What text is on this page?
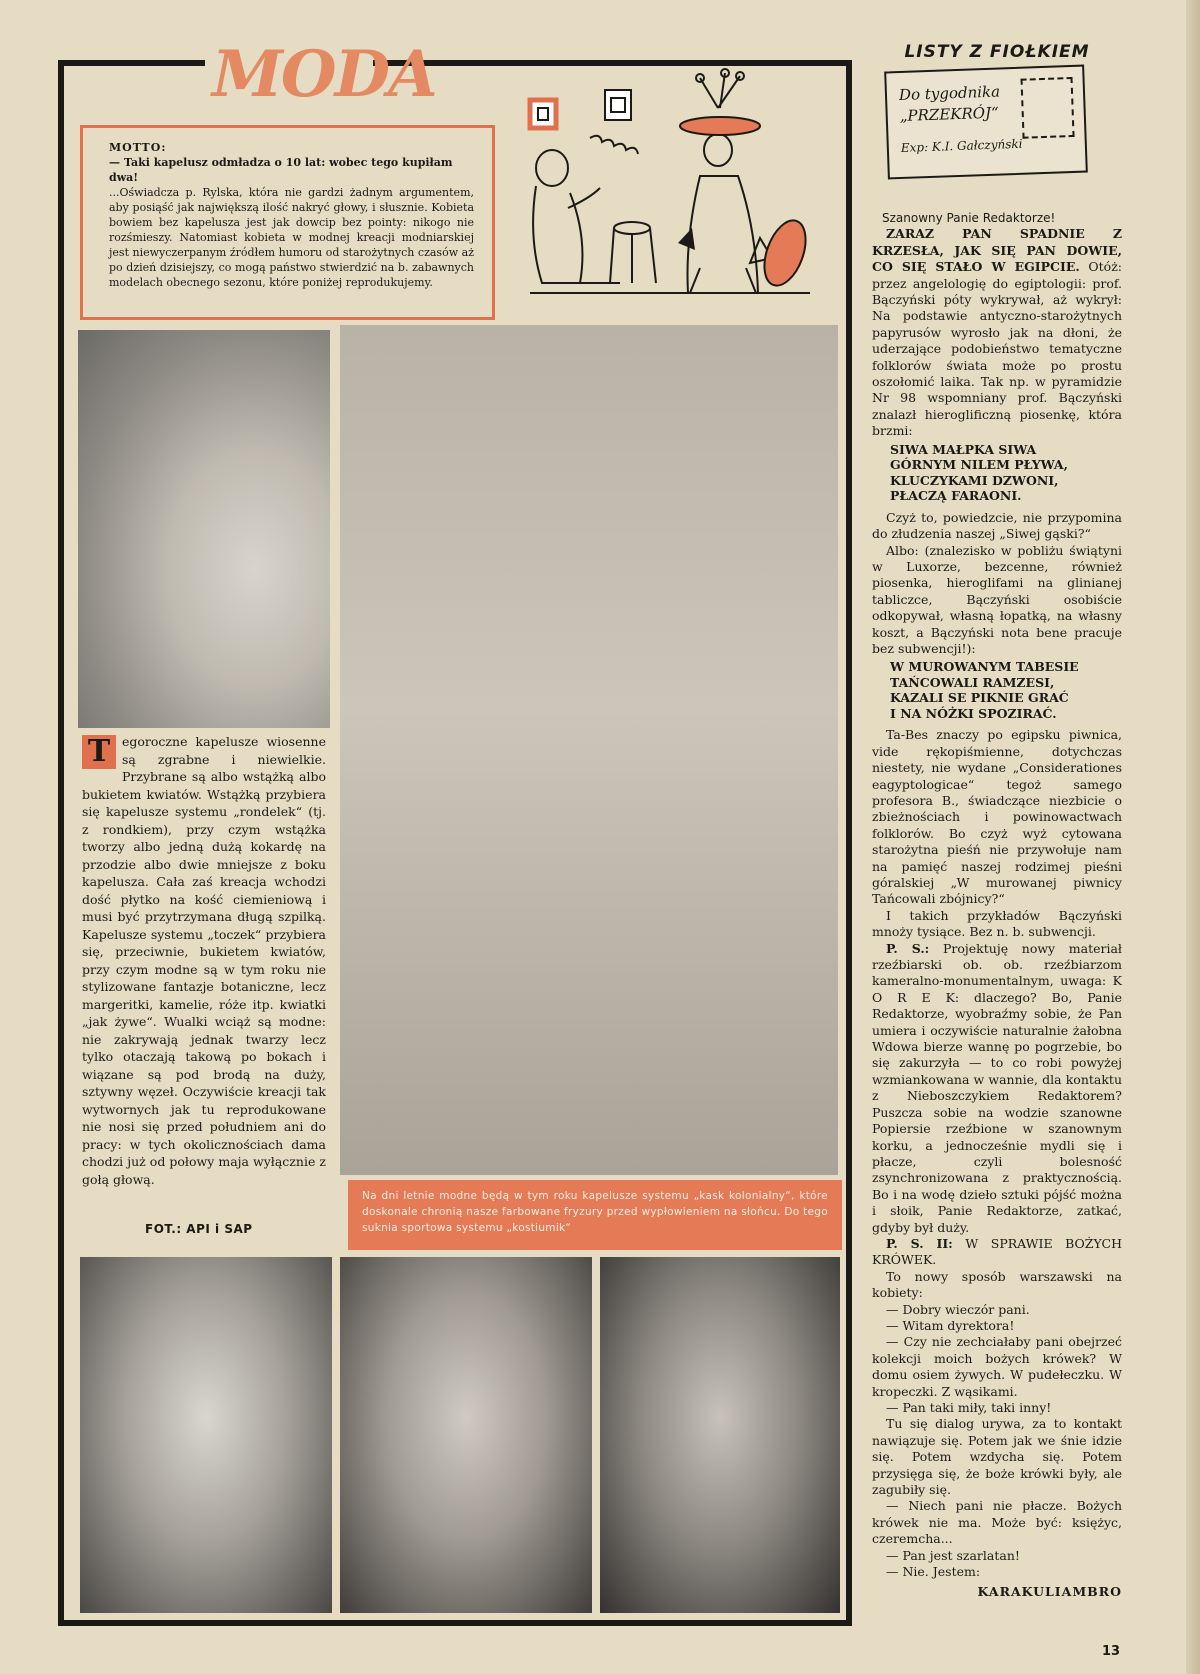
MODA
MOTTO:
— Taki kapelusz odmładza o 10 lat: wobec tego kupiłam dwa!
...Oświadcza p. Rylska, która nie gardzi żadnym argumentem, aby posiąść jak największą ilość nakryć głowy, i słusznie. Kobieta bowiem bez kapelusza jest jak dowcip bez pointy: nikogo nie rozśmieszy. Natomiast kobieta w modnej kreacji modniarskiej jest niewyczerpanym źródłem humoru od starożytnych czasów aż po dzień dzisiejszy, co mogą państwo stwierdzić na b. zabawnych modelach obecnego sezonu, które poniżej reprodukujemy.
Na dni letnie modne będą w tym roku kapelusze systemu „kask kolonialny“, które doskonale chronią nasze farbowane fryzury przed wypłowieniem na słońcu. Do tego suknia sportowa systemu „kostiumik“
T egoroczne kapelusze wiosenne są zgrabne i niewielkie. Przybrane są albo wstążką albo bukietem kwiatów. Wstążką przybiera się kapelusze systemu „rondelek“ (tj. z rondkiem), przy czym wstążka tworzy albo jedną dużą kokardę na przodzie albo dwie mniejsze z boku kapelusza. Cała zaś kreacja wchodzi dość płytko na kość ciemieniową i musi być przytrzymana długą szpilką. Kapelusze systemu „toczek“ przybiera się, przeciwnie, bukietem kwiatów, przy czym modne są w tym roku nie stylizowane fantazje botaniczne, lecz margeritki, kamelie, róże itp. kwiatki „jak żywe“. Wualki wciąż są modne: nie zakrywają jednak twarzy lecz tylko otaczają takową po bokach i wiązane są pod brodą na duży, sztywny węzeł. Oczywiście kreacji tak wytwornych jak tu reprodukowane nie nosi się przed południem ani do pracy: w tych okolicznościach dama chodzi już od połowy maja wyłącznie z gołą głową.
FOT.: API i SAP
LISTY Z FIOŁKIEM
Do tygodnika
„PRZEKRÓJ“
Exp: K.I. Gałczyński

Szanowny Panie Redaktorze!

ZARAZ PAN SPADNIE Z KRZESŁA, JAK SIĘ PAN DOWIE, CO SIĘ STAŁO W EGIPCIE. Otóż: przez angelologię do egiptologii: prof. Bączyński póty wykrywał, aż wykrył: Na podstawie antyczno-starożytnych papyrusów wyrosło jak na dłoni, że uderzające podobieństwo tematyczne folklorów świata może po prostu oszołomić laika. Tak np. w pyramidzie Nr 98 wspomniany prof. Bączyński znalazł hieroglificzną piosenkę, która brzmi:

SIWA MAŁPKA SIWA
GÓRNYM NILEM PŁYWA,
KLUCZYKAMI DZWONI,
PŁACZĄ FARAONI.

Czyż to, powiedzcie, nie przypomina do złudzenia naszej „Siwej gąski?“

Albo: (znalezisko w pobliżu świątyni w Luxorze, bezcenne, również piosenka, hieroglifami na glinianej tabliczce, Bączyński osobiście odkopywał, własną łopatką, na własny koszt, a Bączyński nota bene pracuje bez subwencji!):

W MUROWANYM TABESIE
TAŃCOWALI RAMZESI,
KAZALI SE PIKNIE GRAĆ
I NA NÓŻKI SPOZIRAĆ.

Ta-Bes znaczy po egipsku piwnica, vide rękopiśmienne, dotychczas niestety, nie wydane „Considerationes eagyptologicae“ tegoż samego profesora B., świadczące niezbicie o zbieżnościach i powinowactwach folklorów. Bo czyż wyż cytowana starożytna pieśń nie przywołuje nam na pamięć naszej rodzimej pieśni góralskiej „W murowanej piwnicy Tańcowali zbójnicy?“

I takich przykładów Bączyński mnoży tysiące. Bez n. b. subwencji.

P. S.: Projektuję nowy materiał rzeźbiarski ob. ob. rzeźbiarzom kameralno-monumentalnym, uwaga: K O R E K: dlaczego? Bo, Panie Redaktorze, wyobraźmy sobie, że Pan umiera i oczywiście naturalnie żałobna Wdowa bierze wannę po pogrzebie, bo się zakurzyła — to co robi powyżej wzmiankowana w wannie, dla kontaktu z Nieboszczykiem Redaktorem? Puszcza sobie na wodzie szanowne Popiersie rzeźbione w szanownym korku, a jednocześnie mydli się i płacze, czyli bolesność zsynchronizowana z praktycznością. Bo i na wodę dzieło sztuki pójść można i słoik, Panie Redaktorze, zatkać, gdyby był duży.

P. S. II: W SPRAWIE BOŻYCH KRÓWEK.

To nowy sposób warszawski na kobiety:

— Dobry wieczór pani.

— Witam dyrektora!

— Czy nie zechciałaby pani obejrzeć kolekcji moich bożych krówek? W domu osiem żywych. W pudełeczku. W kropeczki. Z wąsikami.

— Pan taki miły, taki inny!

Tu się dialog urywa, za to kontakt nawiązuje się. Potem jak we śnie idzie się. Potem wzdycha się. Potem przysięga się, że boże krówki były, ale zagubiły się.

— Niech pani nie płacze. Bożych krówek nie ma. Może być: księżyc, czeremcha...

— Pan jest szarlatan!

— Nie. Jestem:

KARAKULIAMBRO
13
